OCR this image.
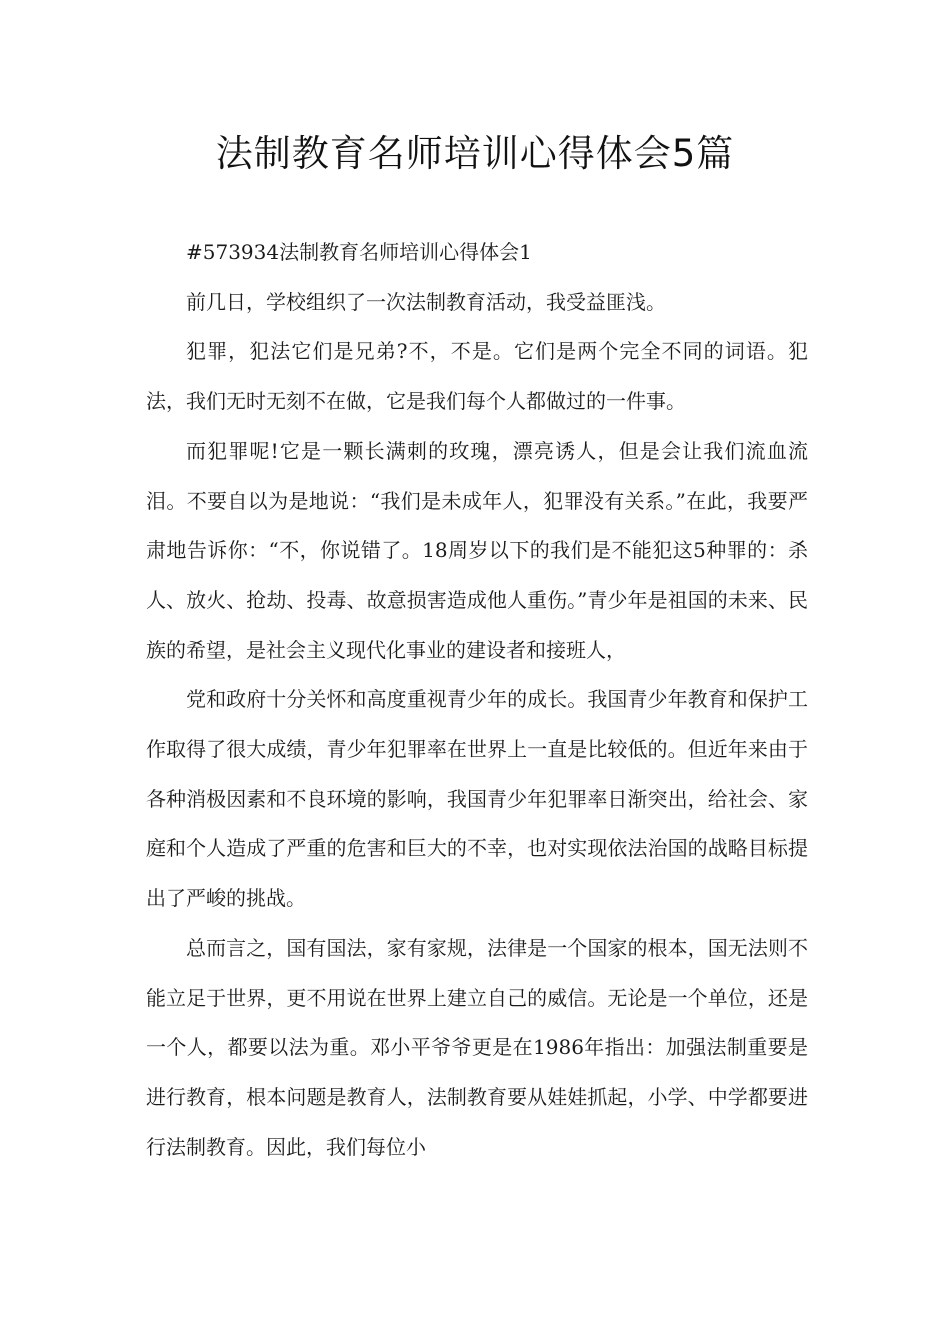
法制教育名师培训心得体会5篇

#573934法制教育名师培训心得体会1

前几日，学校组织了一次法制教育活动，我受益匪浅。

犯罪，犯法它们是兄弟?不，不是。它们是两个完全不同的词语。犯法，我们无时无刻不在做，它是我们每个人都做过的一件事。

而犯罪呢!它是一颗长满刺的玫瑰，漂亮诱人，但是会让我们流血流泪。不要自以为是地说：“我们是未成年人，犯罪没有关系。”在此，我要严肃地告诉你：“不，你说错了。18周岁以下的我们是不能犯这5种罪的：杀人、放火、抢劫、投毒、故意损害造成他人重伤。”青少年是祖国的未来、民族的希望，是社会主义现代化事业的建设者和接班人，

党和政府十分关怀和高度重视青少年的成长。我国青少年教育和保护工作取得了很大成绩，青少年犯罪率在世界上一直是比较低的。但近年来由于各种消极因素和不良环境的影响，我国青少年犯罪率日渐突出，给社会、家庭和个人造成了严重的危害和巨大的不幸，也对实现依法治国的战略目标提出了严峻的挑战。

总而言之，国有国法，家有家规，法律是一个国家的根本，国无法则不能立足于世界，更不用说在世界上建立自己的威信。无论是一个单位，还是一个人，都要以法为重。邓小平爷爷更是在1986年指出：加强法制重要是进行教育，根本问题是教育人，法制教育要从娃娃抓起，小学、中学都要进行法制教育。因此，我们每位小
